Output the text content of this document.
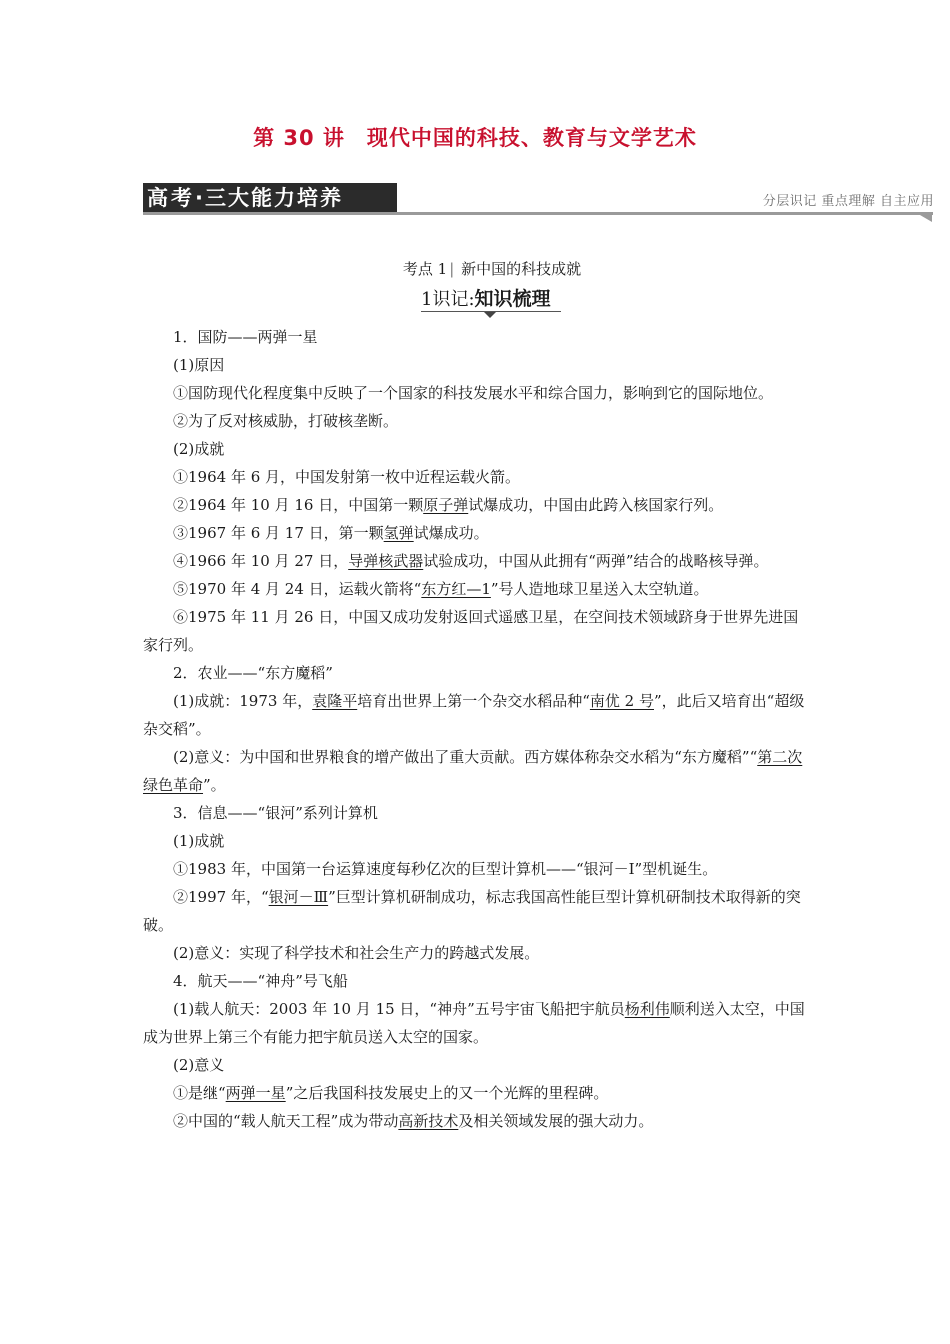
第 30 讲　现代中国的科技、教育与文学艺术
高考·三大能力培养	分层识记 重点理解 自主应用
考点 1 | 新中国的科技成就
1识记:知识梳理

1．国防——两弹一星

(1)原因

①国防现代化程度集中反映了一个国家的科技发展水平和综合国力，影响到它的国际地位。

②为了反对核威胁，打破核垄断。

(2)成就

①1964 年 6 月，中国发射第一枚中近程运载火箭。

②1964 年 10 月 16 日，中国第一颗原子弹试爆成功，中国由此跨入核国家行列。

③1967 年 6 月 17 日，第一颗氢弹试爆成功。

④1966 年 10 月 27 日，导弹核武器试验成功，中国从此拥有“两弹”结合的战略核导弹。

⑤1970 年 4 月 24 日，运载火箭将“东方红—1”号人造地球卫星送入太空轨道。

⑥1975 年 11 月 26 日，中国又成功发射返回式遥感卫星，在空间技术领域跻身于世界先进国家行列。

2．农业——“东方魔稻”

(1)成就：1973 年，袁隆平培育出世界上第一个杂交水稻品种“南优 2 号”，此后又培育出“超级杂交稻”。

(2)意义：为中国和世界粮食的增产做出了重大贡献。西方媒体称杂交水稻为“东方魔稻”“第二次绿色革命”。

3．信息——“银河”系列计算机

(1)成就

①1983 年，中国第一台运算速度每秒亿次的巨型计算机——“银河－Ⅰ”型机诞生。

②1997 年，“银河－Ⅲ”巨型计算机研制成功，标志我国高性能巨型计算机研制技术取得新的突破。

(2)意义：实现了科学技术和社会生产力的跨越式发展。

4．航天——“神舟”号飞船

(1)载人航天：2003 年 10 月 15 日，“神舟”五号宇宙飞船把宇航员杨利伟顺利送入太空，中国成为世界上第三个有能力把宇航员送入太空的国家。

(2)意义

①是继“两弹一星”之后我国科技发展史上的又一个光辉的里程碑。

②中国的“载人航天工程”成为带动高新技术及相关领域发展的强大动力。
